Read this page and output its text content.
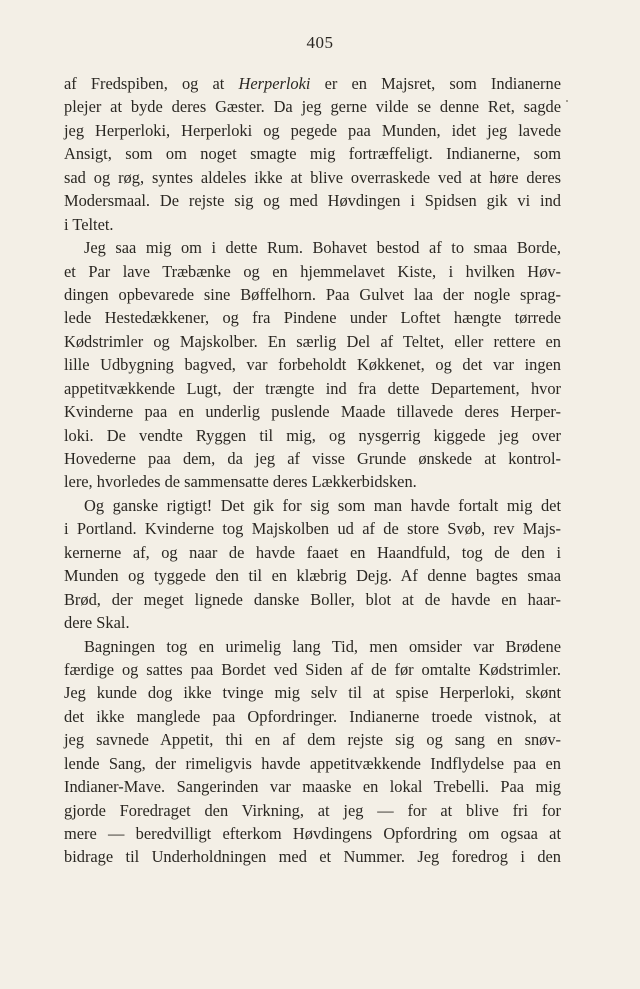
405
af Fredspiben, og at Herperloki er en Majsret, som Indianerne
plejer at byde deres Gæster. Da jeg gerne vilde se denne Ret, sagde
jeg Herperloki, Herperloki og pegede paa Munden, idet jeg lavede
Ansigt, som om noget smagte mig fortræffeligt. Indianerne, som
sad og røg, syntes aldeles ikke at blive overraskede ved at høre deres
Modersmaal. De rejste sig og med Høvdingen i Spidsen gik vi ind
i Teltet.
Jeg saa mig om i dette Rum. Bohavet bestod af to smaa Borde,
et Par lave Træbænke og en hjemmelavet Kiste, i hvilken Høv-
dingen opbevarede sine Bøffelhorn. Paa Gulvet laa der nogle sprag-
lede Hestedækkener, og fra Pindene under Loftet hængte tørrede
Kødstrimler og Majskolber. En særlig Del af Teltet, eller rettere en
lille Udbygning bagved, var forbeholdt Køkkenet, og det var ingen
appetitvækkende Lugt, der trængte ind fra dette Departement, hvor
Kvinderne paa en underlig puslende Maade tillavede deres Herper-
loki. De vendte Ryggen til mig, og nysgerrig kiggede jeg over
Hovederne paa dem, da jeg af visse Grunde ønskede at kontrol-
lere, hvorledes de sammensatte deres Lækkerbidsken.
Og ganske rigtigt! Det gik for sig som man havde fortalt mig det
i Portland. Kvinderne tog Majskolben ud af de store Svøb, rev Majs-
kernerne af, og naar de havde faaet en Haandfuld, tog de den i
Munden og tyggede den til en klæbrig Dejg. Af denne bagtes smaa
Brød, der meget lignede danske Boller, blot at de havde en haar-
dere Skal.
Bagningen tog en urimelig lang Tid, men omsider var Brødene
færdige og sattes paa Bordet ved Siden af de før omtalte Kødstrimler.
Jeg kunde dog ikke tvinge mig selv til at spise Herperloki, skønt
det ikke manglede paa Opfordringer. Indianerne troede vistnok, at
jeg savnede Appetit, thi en af dem rejste sig og sang en snøv-
lende Sang, der rimeligvis havde appetitvækkende Indflydelse paa en
Indianer-Mave. Sangerinden var maaske en lokal Trebelli. Paa mig
gjorde Foredraget den Virkning, at jeg — for at blive fri for
mere — beredvilligt efterkom Høvdingens Opfordring om ogsaa at
bidrage til Underholdningen med et Nummer. Jeg foredrog i den
